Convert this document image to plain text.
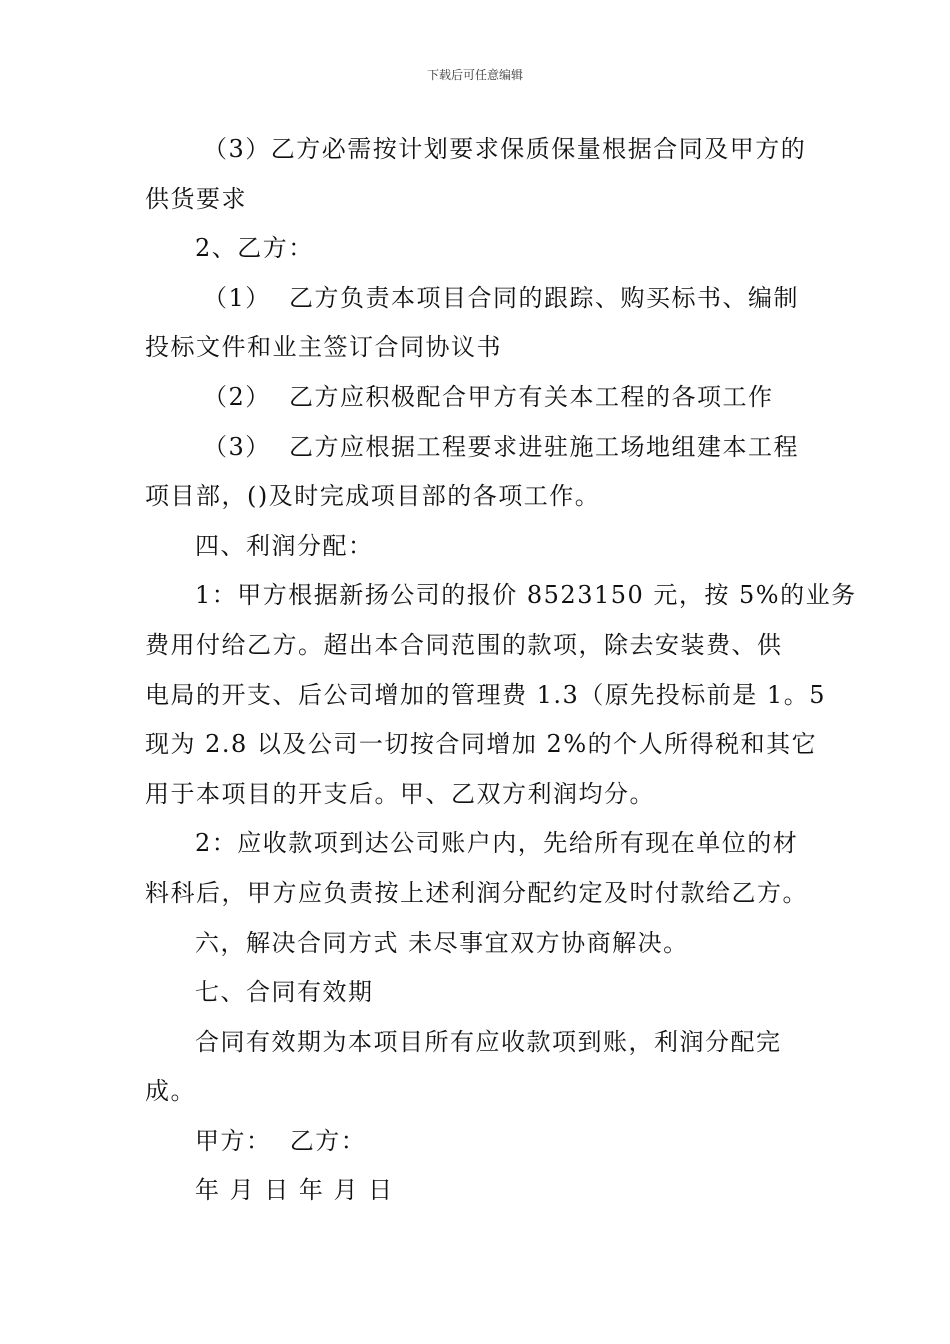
下载后可任意编辑
（3）乙方必需按计划要求保质保量根据合同及甲方的
供货要求
2、乙方：
（1）  乙方负责本项目合同的跟踪、购买标书、编制
投标文件和业主签订合同协议书
（2）  乙方应积极配合甲方有关本工程的各项工作
（3）  乙方应根据工程要求进驻施工场地组建本工程
项目部，()及时完成项目部的各项工作。
四、利润分配：
1：甲方根据新扬公司的报价 8523150 元，按 5%的业务
费用付给乙方。超出本合同范围的款项，除去安装费、供
电局的开支、后公司增加的管理费 1.3（原先投标前是 1。5
现为 2.8 以及公司一切按合同增加 2%的个人所得税和其它
用于本项目的开支后。甲、乙双方利润均分。
2：应收款项到达公司账户内，先给所有现在单位的材
料科后，甲方应负责按上述利润分配约定及时付款给乙方。
六，解决合同方式 未尽事宜双方协商解决。
七、合同有效期
合同有效期为本项目所有应收款项到账，利润分配完
成。
甲方：  乙方：
年 月 日 年 月 日
